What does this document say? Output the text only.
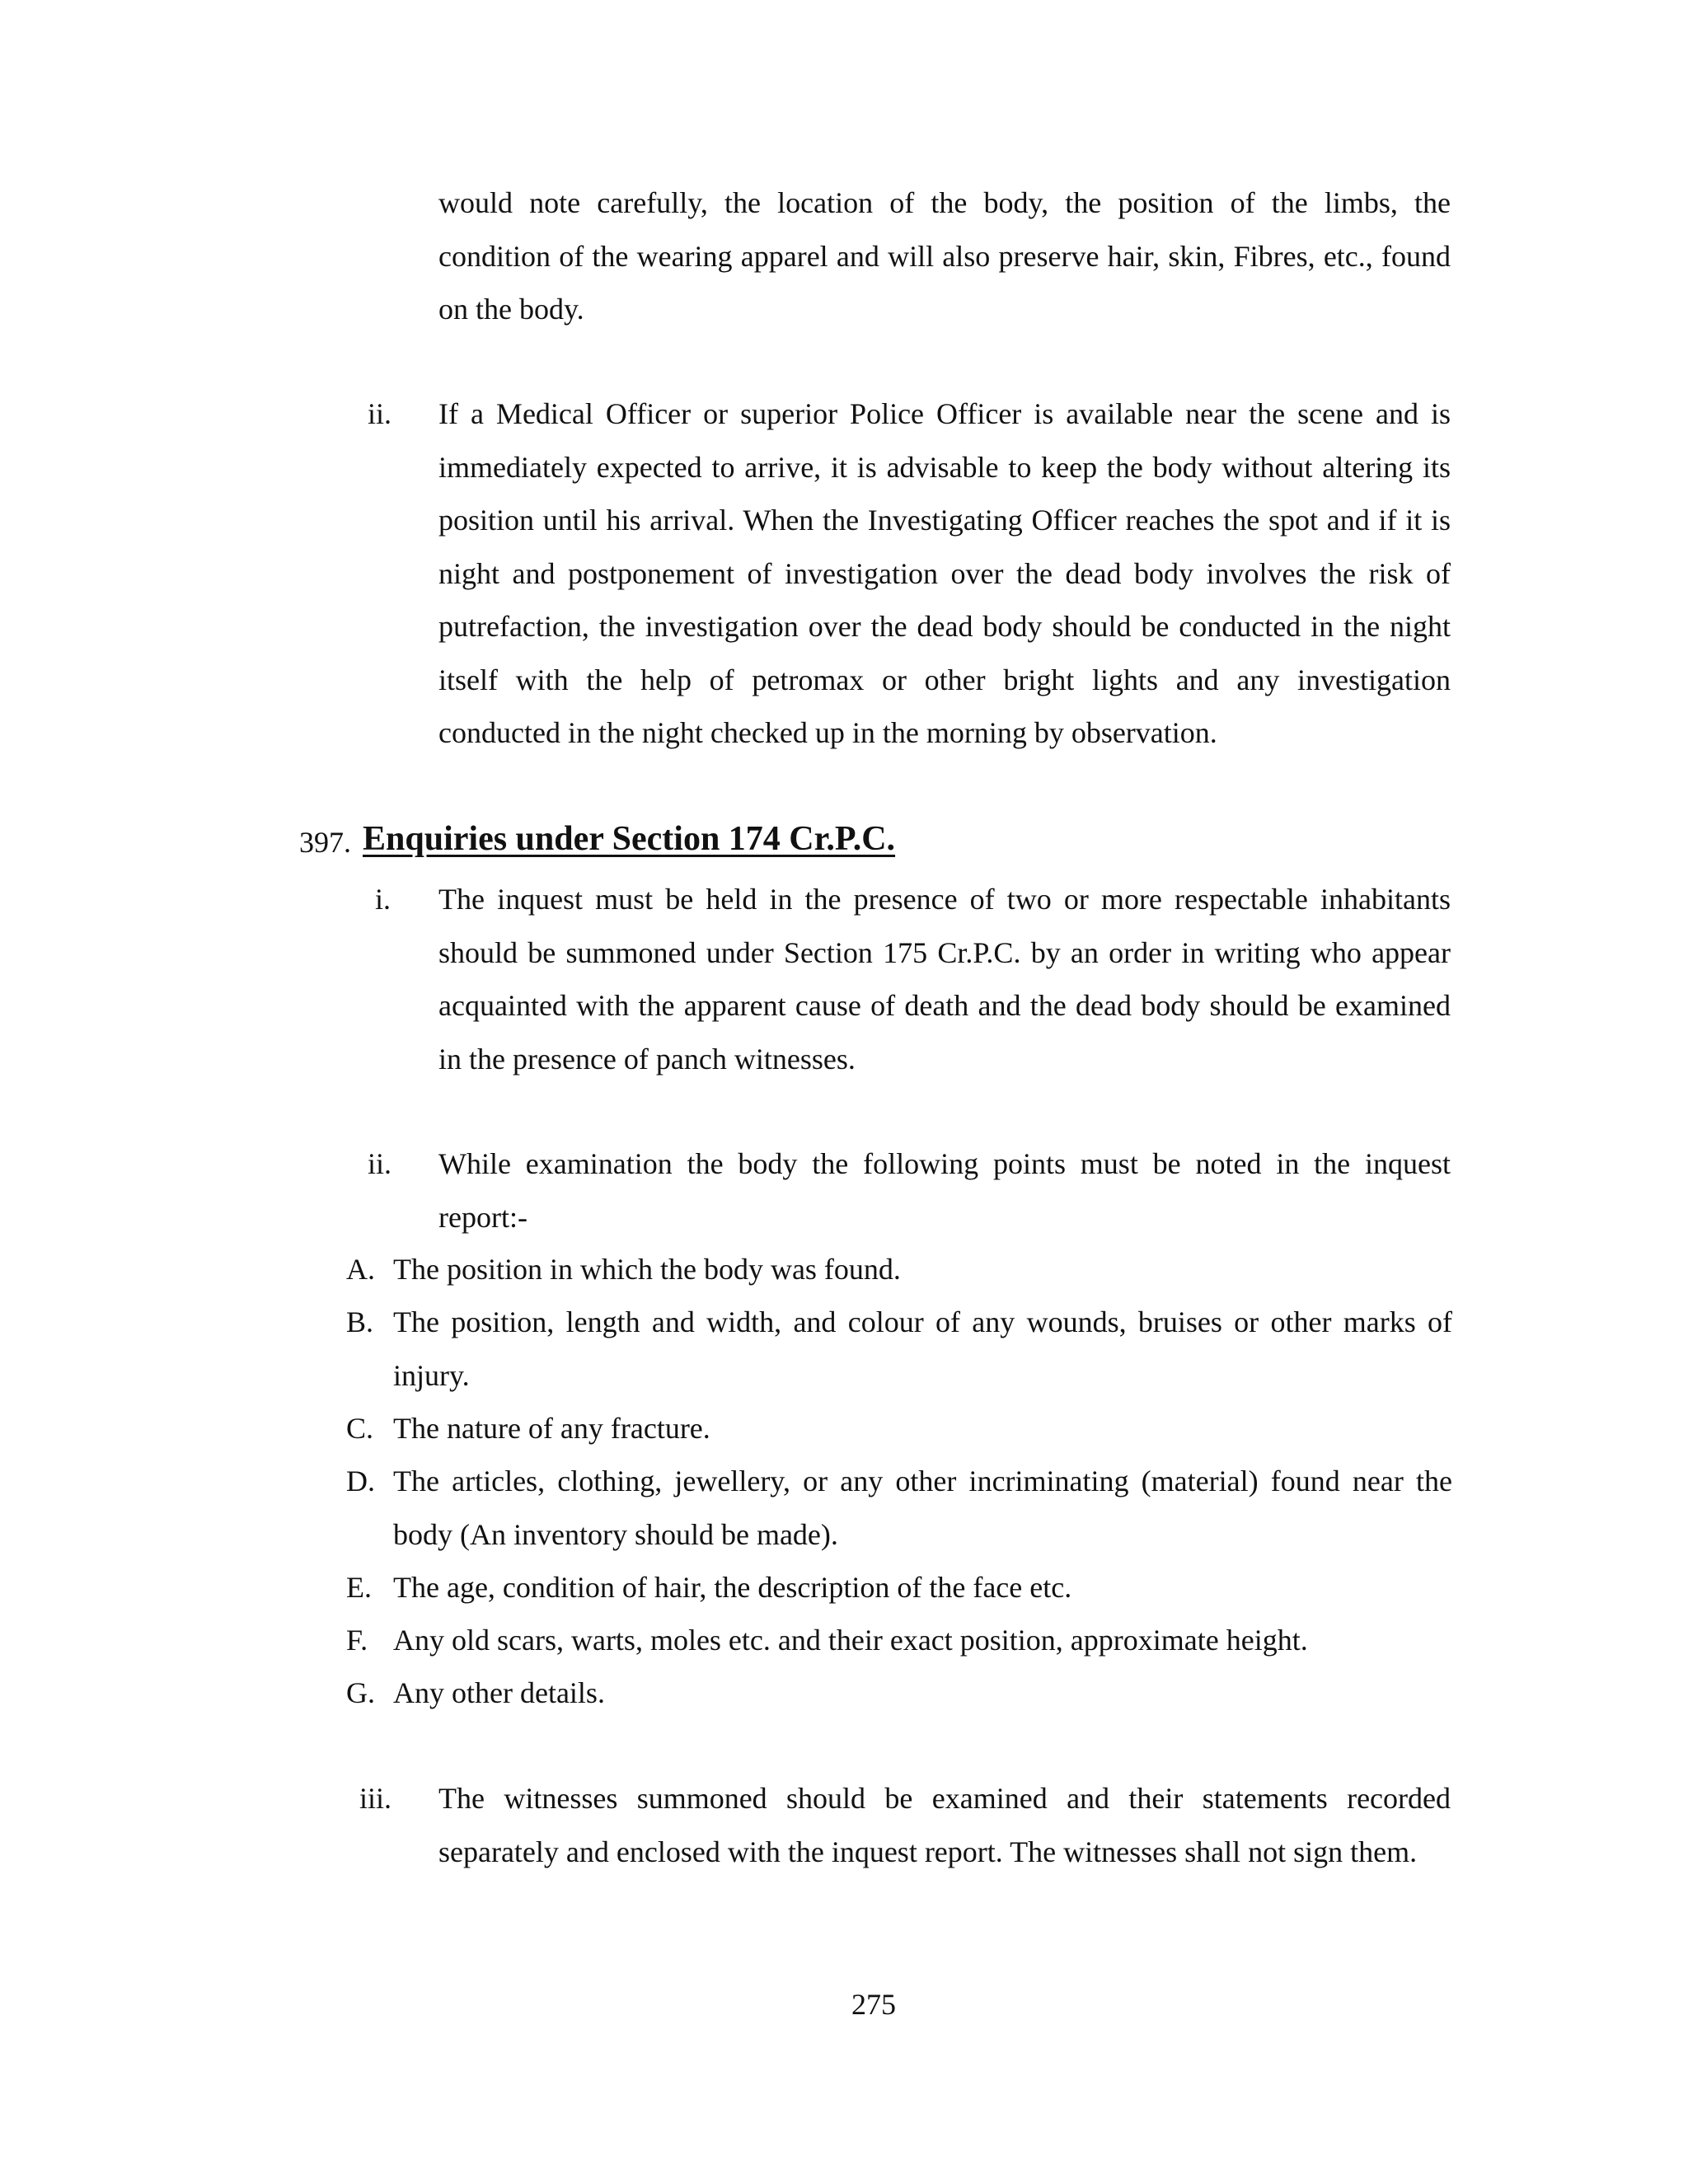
would note carefully, the location of the body, the position of the limbs, the condition of the wearing apparel and will also preserve hair, skin, Fibres, etc., found on the body.
ii. If a Medical Officer or superior Police Officer is available near the scene and is immediately expected to arrive, it is advisable to keep the body without altering its position until his arrival. When the Investigating Officer reaches the spot and if it is night and postponement of investigation over the dead body involves the risk of putrefaction, the investigation over the dead body should be conducted in the night itself with the help of petromax or other bright lights and any investigation conducted in the night checked up in the morning by observation.
397. Enquiries under Section 174 Cr.P.C.
i. The inquest must be held in the presence of two or more respectable inhabitants should be summoned under Section 175 Cr.P.C. by an order in writing who appear acquainted with the apparent cause of death and the dead body should be examined in the presence of panch witnesses.
ii. While examination the body the following points must be noted in the inquest report:-
A. The position in which the body was found.
B. The position, length and width, and colour of any wounds, bruises or other marks of injury.
C. The nature of any fracture.
D. The articles, clothing, jewellery, or any other incriminating (material) found near the body (An inventory should be made).
E. The age, condition of hair, the description of the face etc.
F. Any old scars, warts, moles etc. and their exact position, approximate height.
G. Any other details.
iii. The witnesses summoned should be examined and their statements recorded separately and enclosed with the inquest report. The witnesses shall not sign them.
275
